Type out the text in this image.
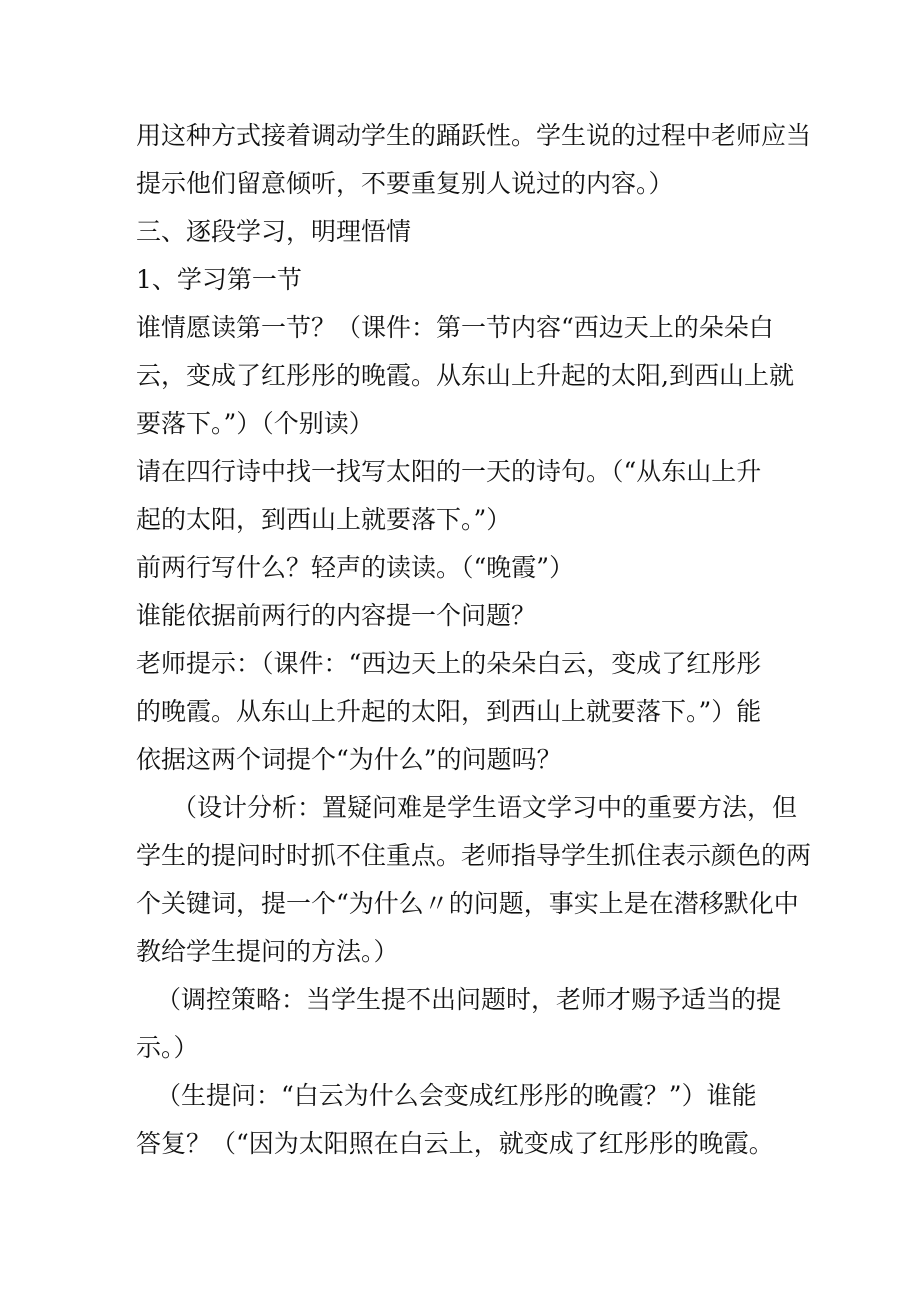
用这种方式接着调动学生的踊跃性。学生说的过程中老师应当
提示他们留意倾听，不要重复别人说过的内容。）
三、逐段学习，明理悟情
1、学习第一节
谁情愿读第一节？（课件：第一节内容“西边天上的朵朵白
云，变成了红彤彤的晚霞。从东山上升起的太阳,到西山上就
要落下。”）（个别读）
请在四行诗中找一找写太阳的一天的诗句。（“从东山上升
起的太阳，到西山上就要落下。”）
前两行写什么？轻声的读读。（“晚霞”）
谁能依据前两行的内容提一个问题？
老师提示：（课件：“西边天上的朵朵白云，变成了红彤彤
的晚霞。从东山上升起的太阳，到西山上就要落下。”）能
依据这两个词提个“为什么”的问题吗？
（设计分析：置疑问难是学生语文学习中的重要方法，但
学生的提问时时抓不住重点。老师指导学生抓住表示颜色的两
个关键词，提一个“为什么〃的问题，事实上是在潜移默化中
教给学生提问的方法。）
（调控策略：当学生提不出问题时，老师才赐予适当的提
示。）
（生提问：“白云为什么会变成红彤彤的晚霞？”）谁能
答复？（“因为太阳照在白云上，就变成了红彤彤的晚霞。
